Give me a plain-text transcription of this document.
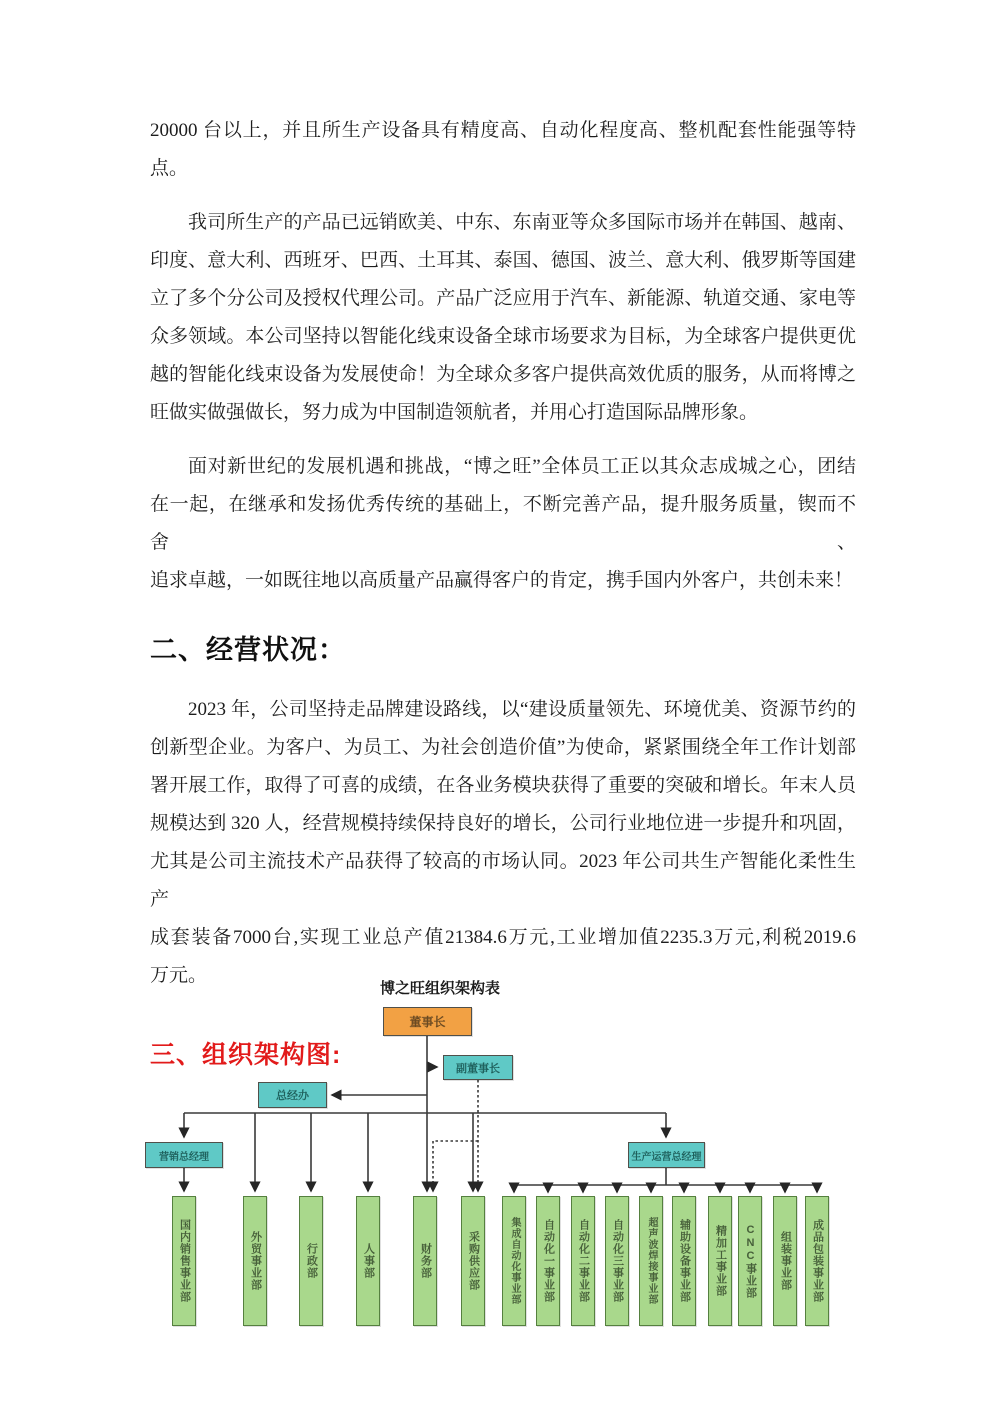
20000 台以上，并且所生产设备具有精度高、自动化程度高、整机配套性能强等特点。
我司所生产的产品已远销欧美、中东、东南亚等众多国际市场并在韩国、越南、
印度、意大利、西班牙、巴西、土耳其、泰国、德国、波兰、意大利、俄罗斯等国建
立了多个分公司及授权代理公司。产品广泛应用于汽车、新能源、轨道交通、家电等
众多领域。本公司坚持以智能化线束设备全球市场要求为目标，为全球客户提供更优
越的智能化线束设备为发展使命！为全球众多客户提供高效优质的服务，从而将博之
旺做实做强做长，努力成为中国制造领航者，并用心打造国际品牌形象。
面对新世纪的发展机遇和挑战，“博之旺”全体员工正以其众志成城之心，团结
在一起，在继承和发扬优秀传统的基础上，不断完善产品，提升服务质量，锲而不舍、
追求卓越，一如既往地以高质量产品赢得客户的肯定，携手国内外客户，共创未来！
二、经营状况：
2023 年，公司坚持走品牌建设路线，以“建设质量领先、环境优美、资源节约的
创新型企业。为客户、为员工、为社会创造价值”为使命，紧紧围绕全年工作计划部
署开展工作，取得了可喜的成绩，在各业务模块获得了重要的突破和增长。年末人员
规模达到 320 人，经营规模持续保持良好的增长，公司行业地位进一步提升和巩固，
尤其是公司主流技术产品获得了较高的市场认同。2023 年公司共生产智能化柔性生产
成套装备7000台,实现工业总产值21384.6万元,工业增加值2235.3万元,利税2019.6
万元。
三、组织架构图:
博之旺组织架构表
董事长
副董事长
总经办
营销总经理	生产运营总经理
国内销售事业部	外贸事业部	行政部	人事部	财务部	采购供应部	集成自动化事业部	自动化一事业部	自动化二事业部	自动化三事业部	超声波焊接事业部	辅助设备事业部	精加工事业部	CNC事业部	组装事业部	成品包装事业部
